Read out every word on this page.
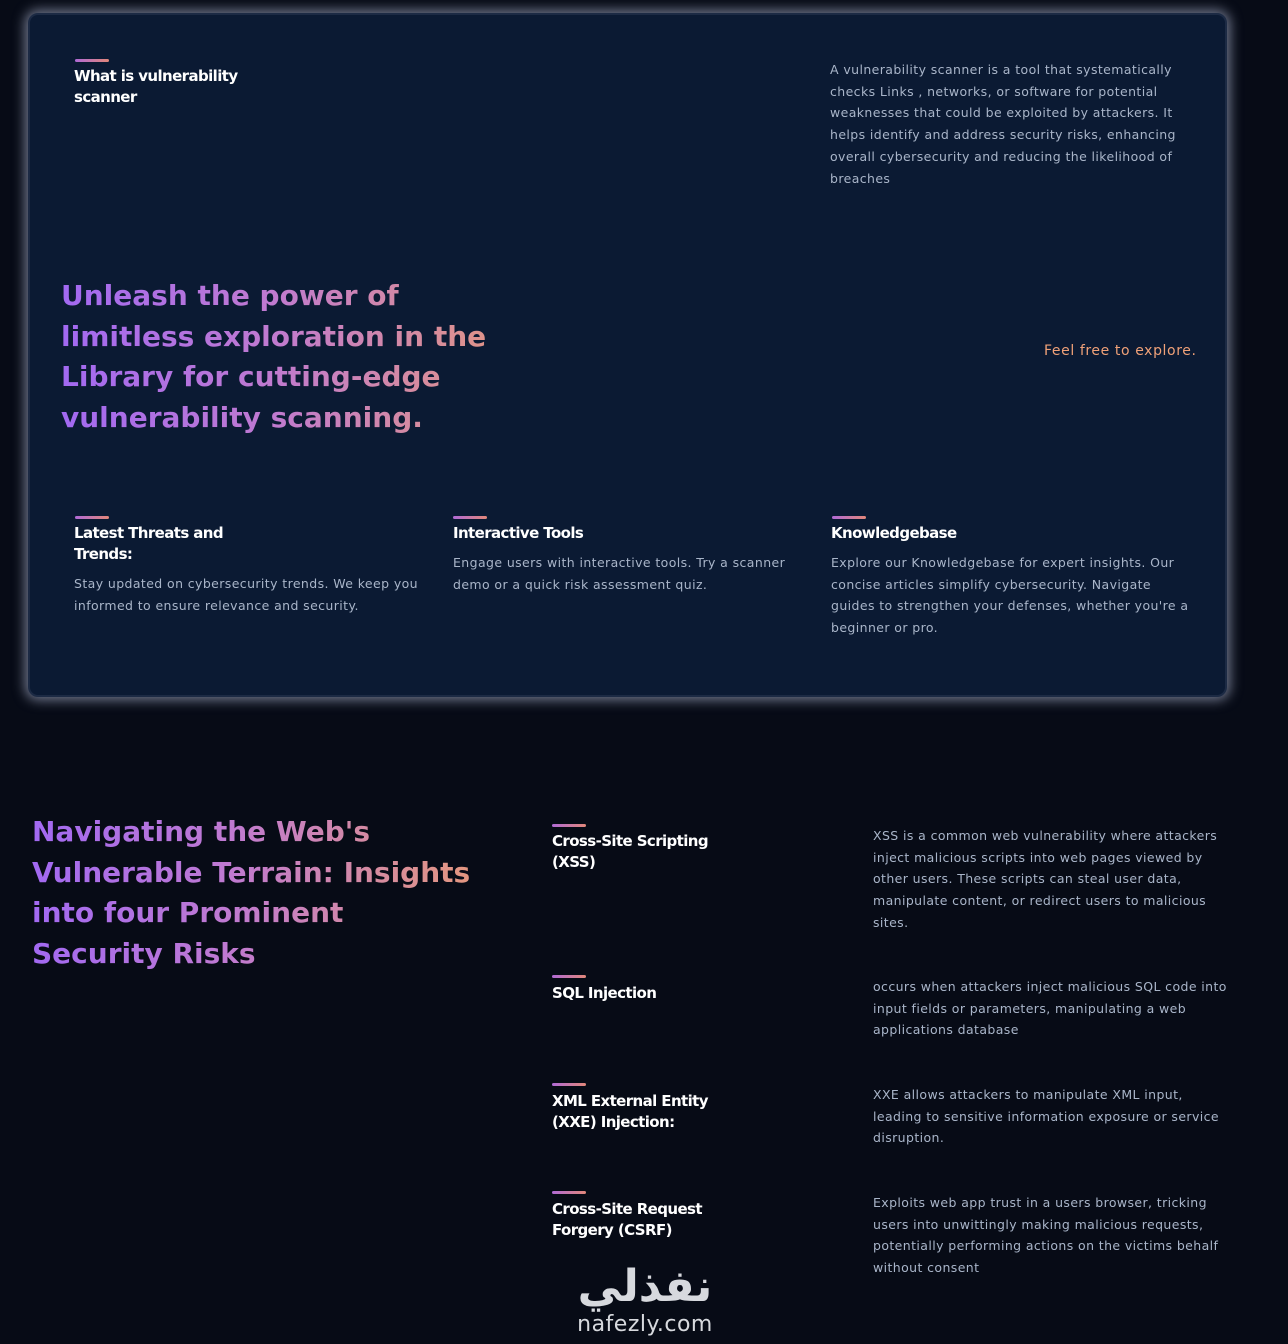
What is vulnerability scanner
A vulnerability scanner is a tool that systematically checks Links , networks, or software for potential weaknesses that could be exploited by attackers. It helps identify and address security risks, enhancing overall cybersecurity and reducing the likelihood of breaches
Unleash the power of limitless exploration in the Library for cutting-edge vulnerability scanning.
Feel free to explore.
Latest Threats and Trends:
Stay updated on cybersecurity trends. We keep you informed to ensure relevance and security.
Interactive Tools
Engage users with interactive tools. Try a scanner demo or a quick risk assessment quiz.
Knowledgebase
Explore our Knowledgebase for expert insights. Our concise articles simplify cybersecurity. Navigate guides to strengthen your defenses, whether you're a beginner or pro.
Navigating the Web's Vulnerable Terrain: Insights into four Prominent Security Risks
Cross-Site Scripting (XSS)
XSS is a common web vulnerability where attackers inject malicious scripts into web pages viewed by other users. These scripts can steal user data, manipulate content, or redirect users to malicious sites.
SQL Injection	occurs when attackers inject malicious SQL code into input fields or parameters, manipulating a web applications database
XML External Entity (XXE) Injection:
XXE allows attackers to manipulate XML input, leading to sensitive information exposure or service disruption.
Cross-Site Request Forgery (CSRF)
Exploits web app trust in a users browser, tricking users into unwittingly making malicious requests, potentially performing actions on the victims behalf without consent
نفذلي
nafezly.com
